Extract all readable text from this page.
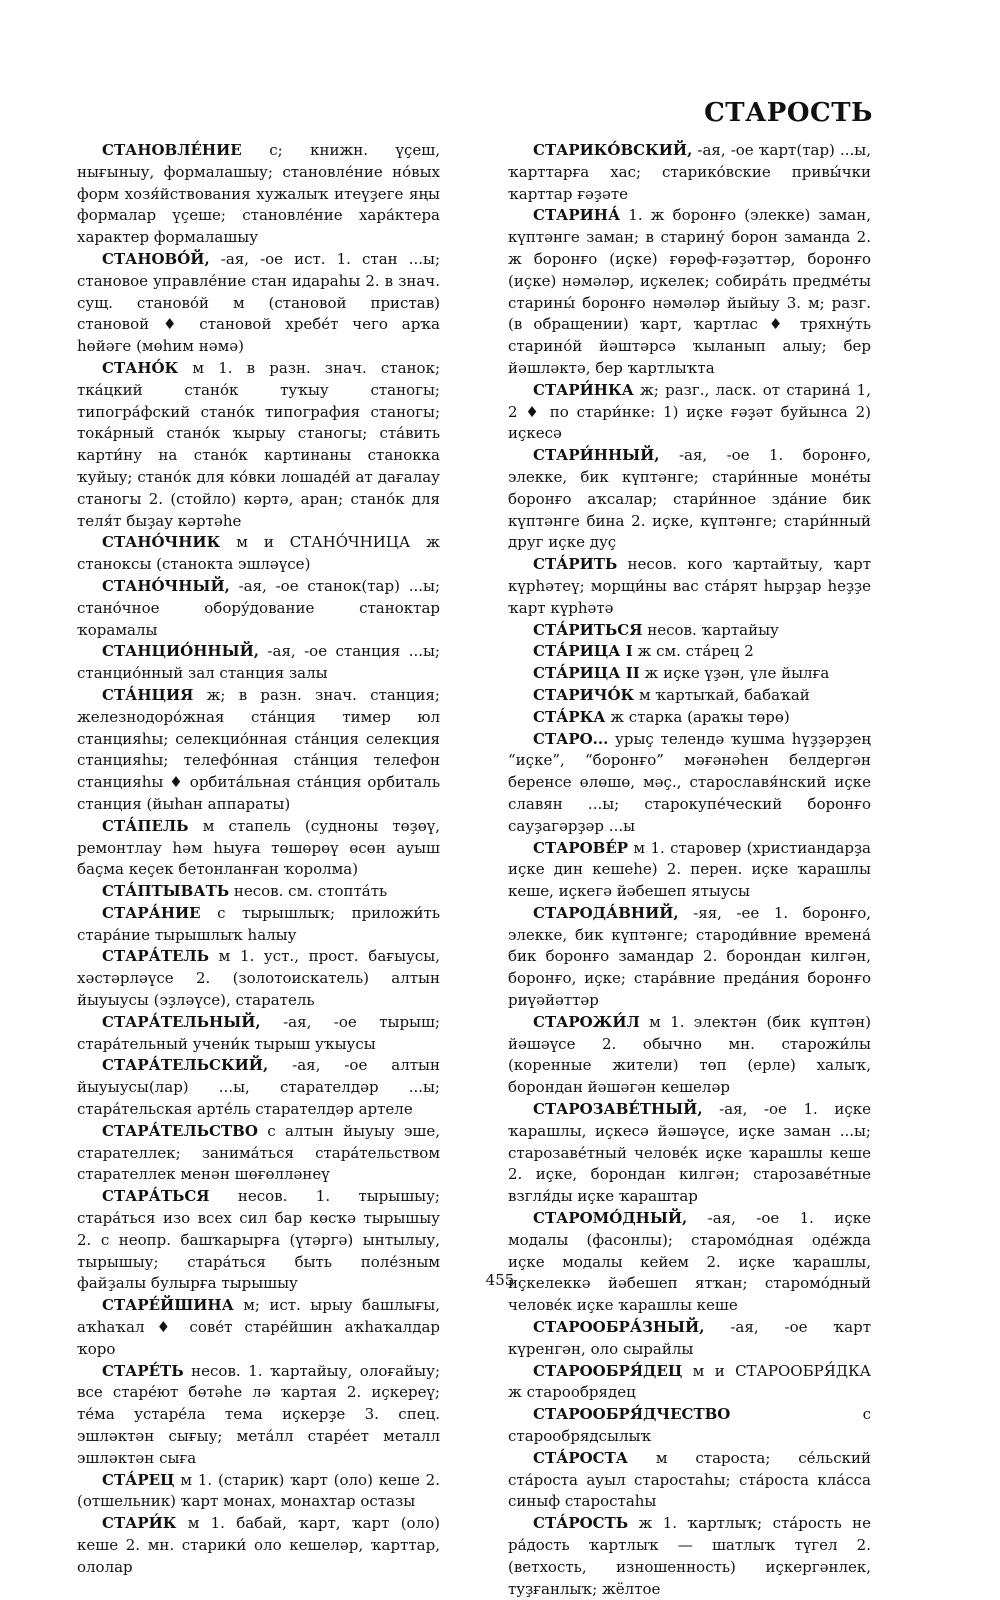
СТАРОСТЬ

СТАНОВЛЕ́НИЕ с; книжн. үҫеш, нығыныу, формалашыу; становле́ние но́вых форм хозя́йствования хужалыҡ итеүҙеге яңы формалар үҫеше; становле́ние хара́ктера характер формалашыу

СТАНОВО́Й, -ая, -ое ист. 1. стан ...ы; становое управле́ние стан идараһы 2. в знач. сущ. станово́й м (становой пристав) становой ♦ становой хребе́т чего арҡа һөйәге (мөһим нәмә)

СТАНО́К м 1. в разн. знач. станок; тка́цкий стано́к туҡыу станогы; типогра́фский стано́к типография станогы; тока́рный стано́к ҡырыу станогы; ста́вить карти́ну на стано́к картинаны станокка ҡуйыу; стано́к для ко́вки лошаде́й ат дағалау станогы 2. (стойло) кәртә, аран; стано́к для теля́т быҙау кәртәһе

СТАНО́ЧНИК м и СТАНО́ЧНИЦА ж станоксы (станокта эшләүсе)

СТАНО́ЧНЫЙ, -ая, -ое станок(тар) ...ы; стано́чное обору́дование станоктар ҡорамалы

СТАНЦИО́ННЫЙ, -ая, -ое станция ...ы; станцио́нный зал станция залы

СТА́НЦИЯ ж; в разн. знач. станция; железнодоро́жная ста́нция тимер юл станцияһы; селекцио́нная ста́нция селекция станцияһы; телефо́нная ста́нция телефон станцияһы ♦ орбита́льная ста́нция орбиталь станция (йыһан аппараты)

СТА́ПЕЛЬ м стапель (судноны төҙөү, ремонтлау һәм һыуға төшөрөү өсөн ауыш баҫма кеҫек бетонланған ҡоролма)

СТА́ПТЫВАТЬ несов. см. стопта́ть

СТАРА́НИЕ с тырышлыҡ; приложи́ть стара́ние тырышлыҡ һалыу

СТАРА́ТЕЛЬ м 1. уст., прост. бағыусы, хәстәрләүсе 2. (золотоискатель) алтын йыуыусы (эҙләүсе), старатель

СТАРА́ТЕЛЬНЫЙ, -ая, -ое тырыш; стара́тельный учени́к тырыш уҡыусы

СТАРА́ТЕЛЬСКИЙ, -ая, -ое алтын йыуыусы(лар) ...ы, старателдәр ...ы; стара́тельская арте́ль старателдәр артеле

СТАРА́ТЕЛЬСТВО с алтын йыуыу эше, старателлек; занима́ться стара́тельством старателлек менән шөғөлләнеү

СТАРА́ТЬСЯ несов. 1. тырышыу; стара́ться изо всех сил бар көсҡә тырышыу 2. с неопр. башҡарырға (үтәргә) ынтылыу, тырышыу; стара́ться быть поле́зным файҙалы булырға тырышыу

СТАРЕ́ЙШИНА м; ист. ырыу башлығы, аҡһаҡал ♦ сове́т старе́йшин аҡһаҡалдар ҡоро

СТАРЕ́ТЬ несов. 1. ҡартайыу, олоғайыу; все старе́ют бөтәһе лә ҡартая 2. иҫкереү; те́ма устаре́ла тема иҫкерҙе 3. спец. эшләктән сығыу; мета́лл старе́ет металл эшләктән сыға

СТА́РЕЦ м 1. (старик) ҡарт (оло) кеше 2. (отшельник) ҡарт монах, монахтар остазы

СТАРИ́К м 1. бабай, ҡарт, ҡарт (оло) кеше 2. мн. старики́ оло кешеләр, ҡарттар, ололар

СТАРИКО́ВСКИЙ, -ая, -ое ҡарт(тар) ...ы, ҡарттарға хас; старико́вские привы́чки ҡарттар ғәҙәте

СТАРИНА́ 1. ж боронғо (элекке) заман, күптәнге заман; в старину́ борон заманда 2. ж боронғо (иҫке) ғөрөф-ғәҙәттәр, боронғо (иҫке) нәмәләр, иҫкелек; собира́ть предме́ты старины́ боронғо нәмәләр йыйыу 3. м; разг. (в обращении) ҡарт, ҡартлас ♦ тряхну́ть старино́й йәштәрсә ҡыланып алыу; бер йәшләктә, бер ҡартлыҡта

СТАРИ́НКА ж; разг., ласк. от старина́ 1, 2 ♦ по стари́нке: 1) иҫке ғәҙәт буйынса 2) иҫкесә

СТАРИ́ННЫЙ, -ая, -ое 1. боронғо, элекке, бик күптәнге; стари́нные моне́ты боронғо аҡсалар; стари́нное зда́ние бик күптәнге бина 2. иҫке, күптәнге; стари́нный друг иҫке дуҫ

СТА́РИТЬ несов. кого ҡартайтыу, ҡарт күрһәтеү; морщи́ны вас ста́рят һырҙар һеҙҙе ҡарт күрһәтә

СТА́РИТЬСЯ несов. ҡартайыу

СТА́РИЦА I ж см. ста́рец 2

СТА́РИЦА II ж иҫке үҙән, үле йылға

СТАРИЧО́К м ҡартыҡай, бабаҡай

СТА́РКА ж старка (араҡы төрө)

СТАРО... урыҫ телендә ҡушма һүҙҙәрҙең “иҫке”, “боронғо” мәғәнәһен белдергән беренсе өлөшө, мәҫ., старославя́нский иҫке славян ...ы; старокупе́ческий боронғо сауҙагәрҙәр ...ы

СТАРОВЕ́Р м 1. старовер (христиандарҙа иҫке дин кешеһе) 2. перен. иҫке ҡарашлы кеше, иҫкегә йәбешеп ятыусы

СТАРОДА́ВНИЙ, -яя, -ее 1. боронғо, элекке, бик күптәнге; староди́вние времена́ бик боронғо замандар 2. борондан килгән, боронғо, иҫке; стара́вние преда́ния боронғо риүәйәттәр

СТАРОЖИ́Л м 1. электән (бик күптән) йәшәүсе 2. обычно мн. старожи́лы (коренные жители) төп (ерле) халыҡ, борондан йәшәгән кешеләр

СТАРОЗАВЕ́ТНЫЙ, -ая, -ое 1. иҫке ҡарашлы, иҫкесә йәшәүсе, иҫке заман ...ы; старозаве́тный челове́к иҫке ҡарашлы кеше 2. иҫке, борондан килгән; старозаве́тные взгля́ды иҫке ҡараштар

СТАРОМО́ДНЫЙ, -ая, -ое 1. иҫке модалы (фасонлы); старомо́дная оде́жда иҫке модалы кейем 2. иҫке ҡарашлы, иҫкелеккә йәбешеп ятҡан; старомо́дный челове́к иҫке ҡарашлы кеше

СТАРООБРА́ЗНЫЙ, -ая, -ое ҡарт күренгән, оло сырайлы

СТАРООБРЯ́ДЕЦ м и СТАРООБРЯ́ДКА ж старообрядец

СТАРООБРЯ́ДЧЕСТВО с старообрядсылыҡ

СТА́РОСТА м староста; се́льский ста́роста ауыл старостаһы; ста́роста кла́сса синыф старостаһы

СТА́РОСТЬ ж 1. ҡартлыҡ; ста́рость не ра́дость ҡартлыҡ — шатлыҡ түгел 2. (ветхость, изношенность) иҫкергәнлек, туҙғанлыҡ; жёлтое

455
